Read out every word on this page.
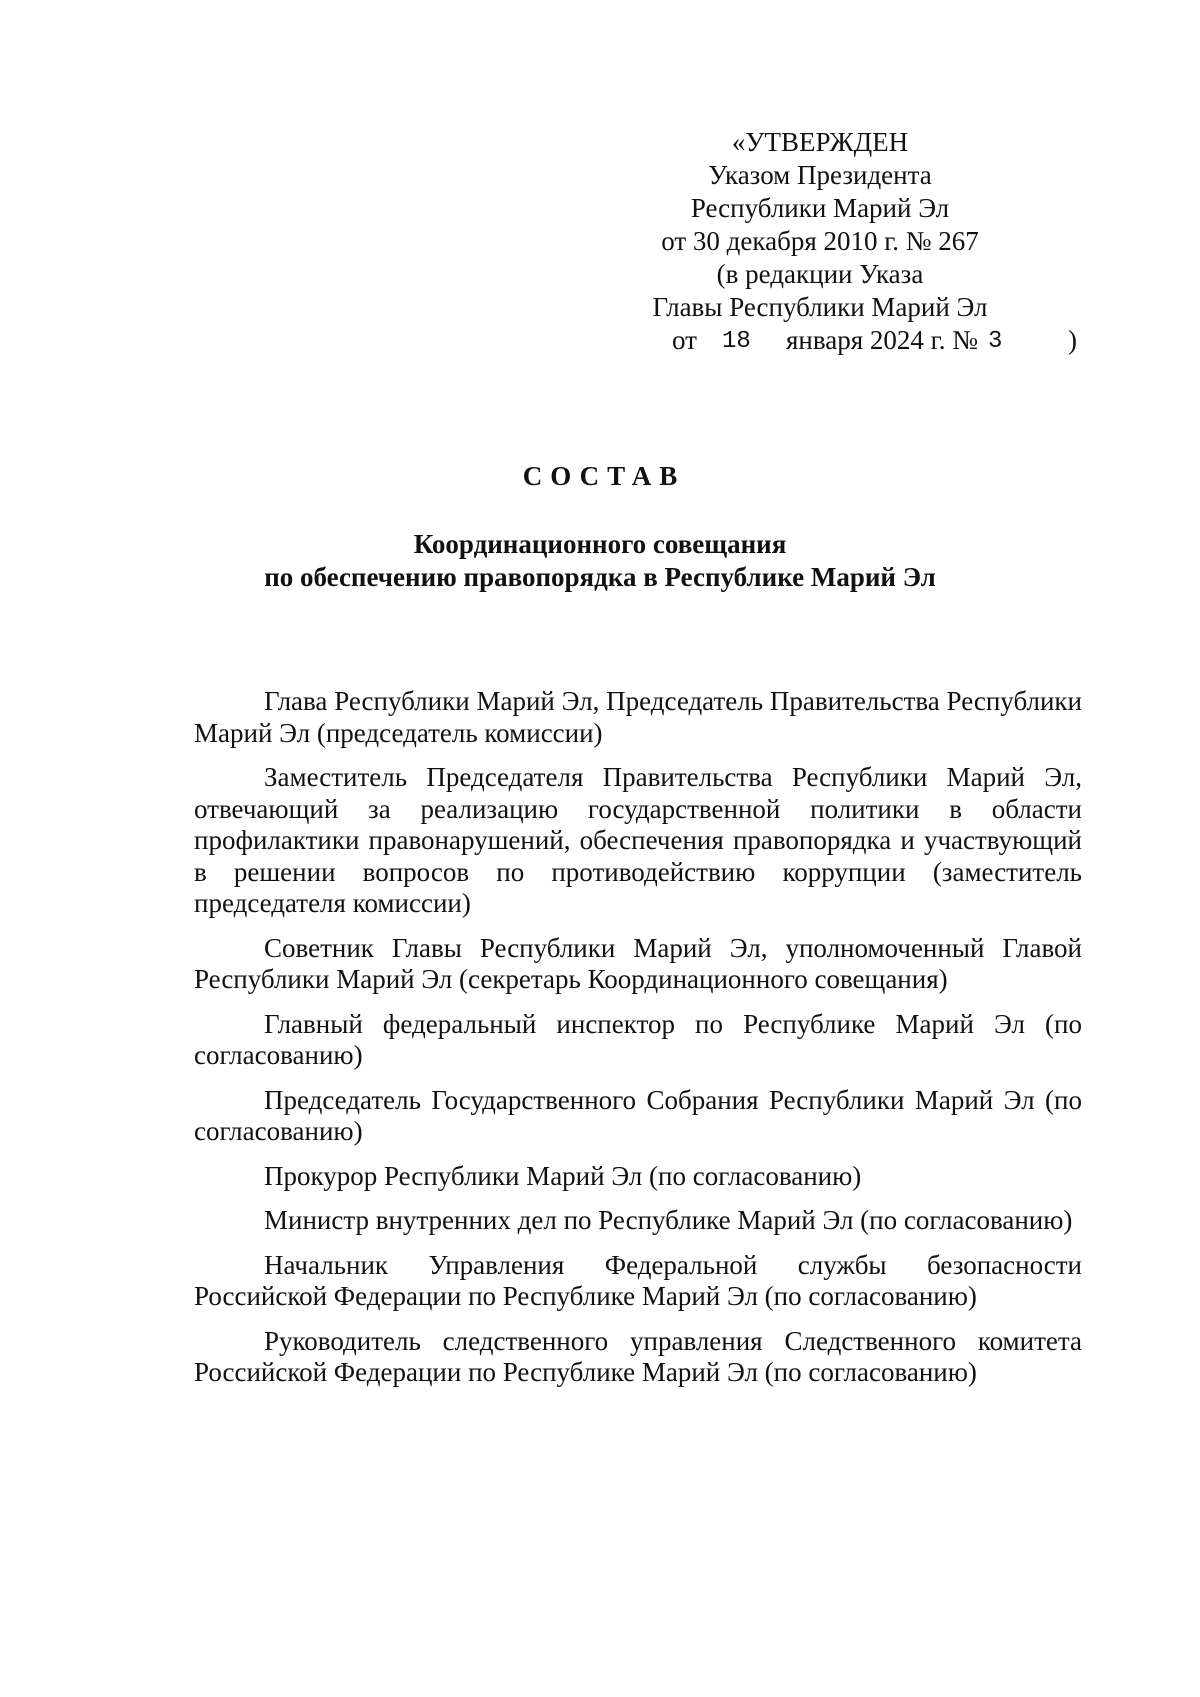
«УТВЕРЖДЕН
Указом Президента
Республики Марий Эл
от 30 декабря 2010 г. № 267
(в редакции Указа
Главы Республики Марий Эл
от 18 января 2024 г. № 3 )
СОСТАВ
Координационного совещания
по обеспечению правопорядка в Республике Марий Эл

Глава Республики Марий Эл, Председатель Правительства Республики Марий Эл (председатель комиссии)

Заместитель Председателя Правительства Республики Марий Эл, отвечающий за реализацию государственной политики в области профилактики правонарушений, обеспечения правопорядка и участвующий в решении вопросов по противодействию коррупции (заместитель председателя комиссии)

Советник Главы Республики Марий Эл, уполномоченный Главой Республики Марий Эл (секретарь Координационного совещания)

Главный федеральный инспектор по Республике Марий Эл (по согласованию)

Председатель Государственного Собрания Республики Марий Эл (по согласованию)

Прокурор Республики Марий Эл (по согласованию)

Министр внутренних дел по Республике Марий Эл (по согласованию)

Начальник Управления Федеральной службы безопасности Российской Федерации по Республике Марий Эл (по согласованию)

Руководитель следственного управления Следственного комитета Российской Федерации по Республике Марий Эл (по согласованию)
